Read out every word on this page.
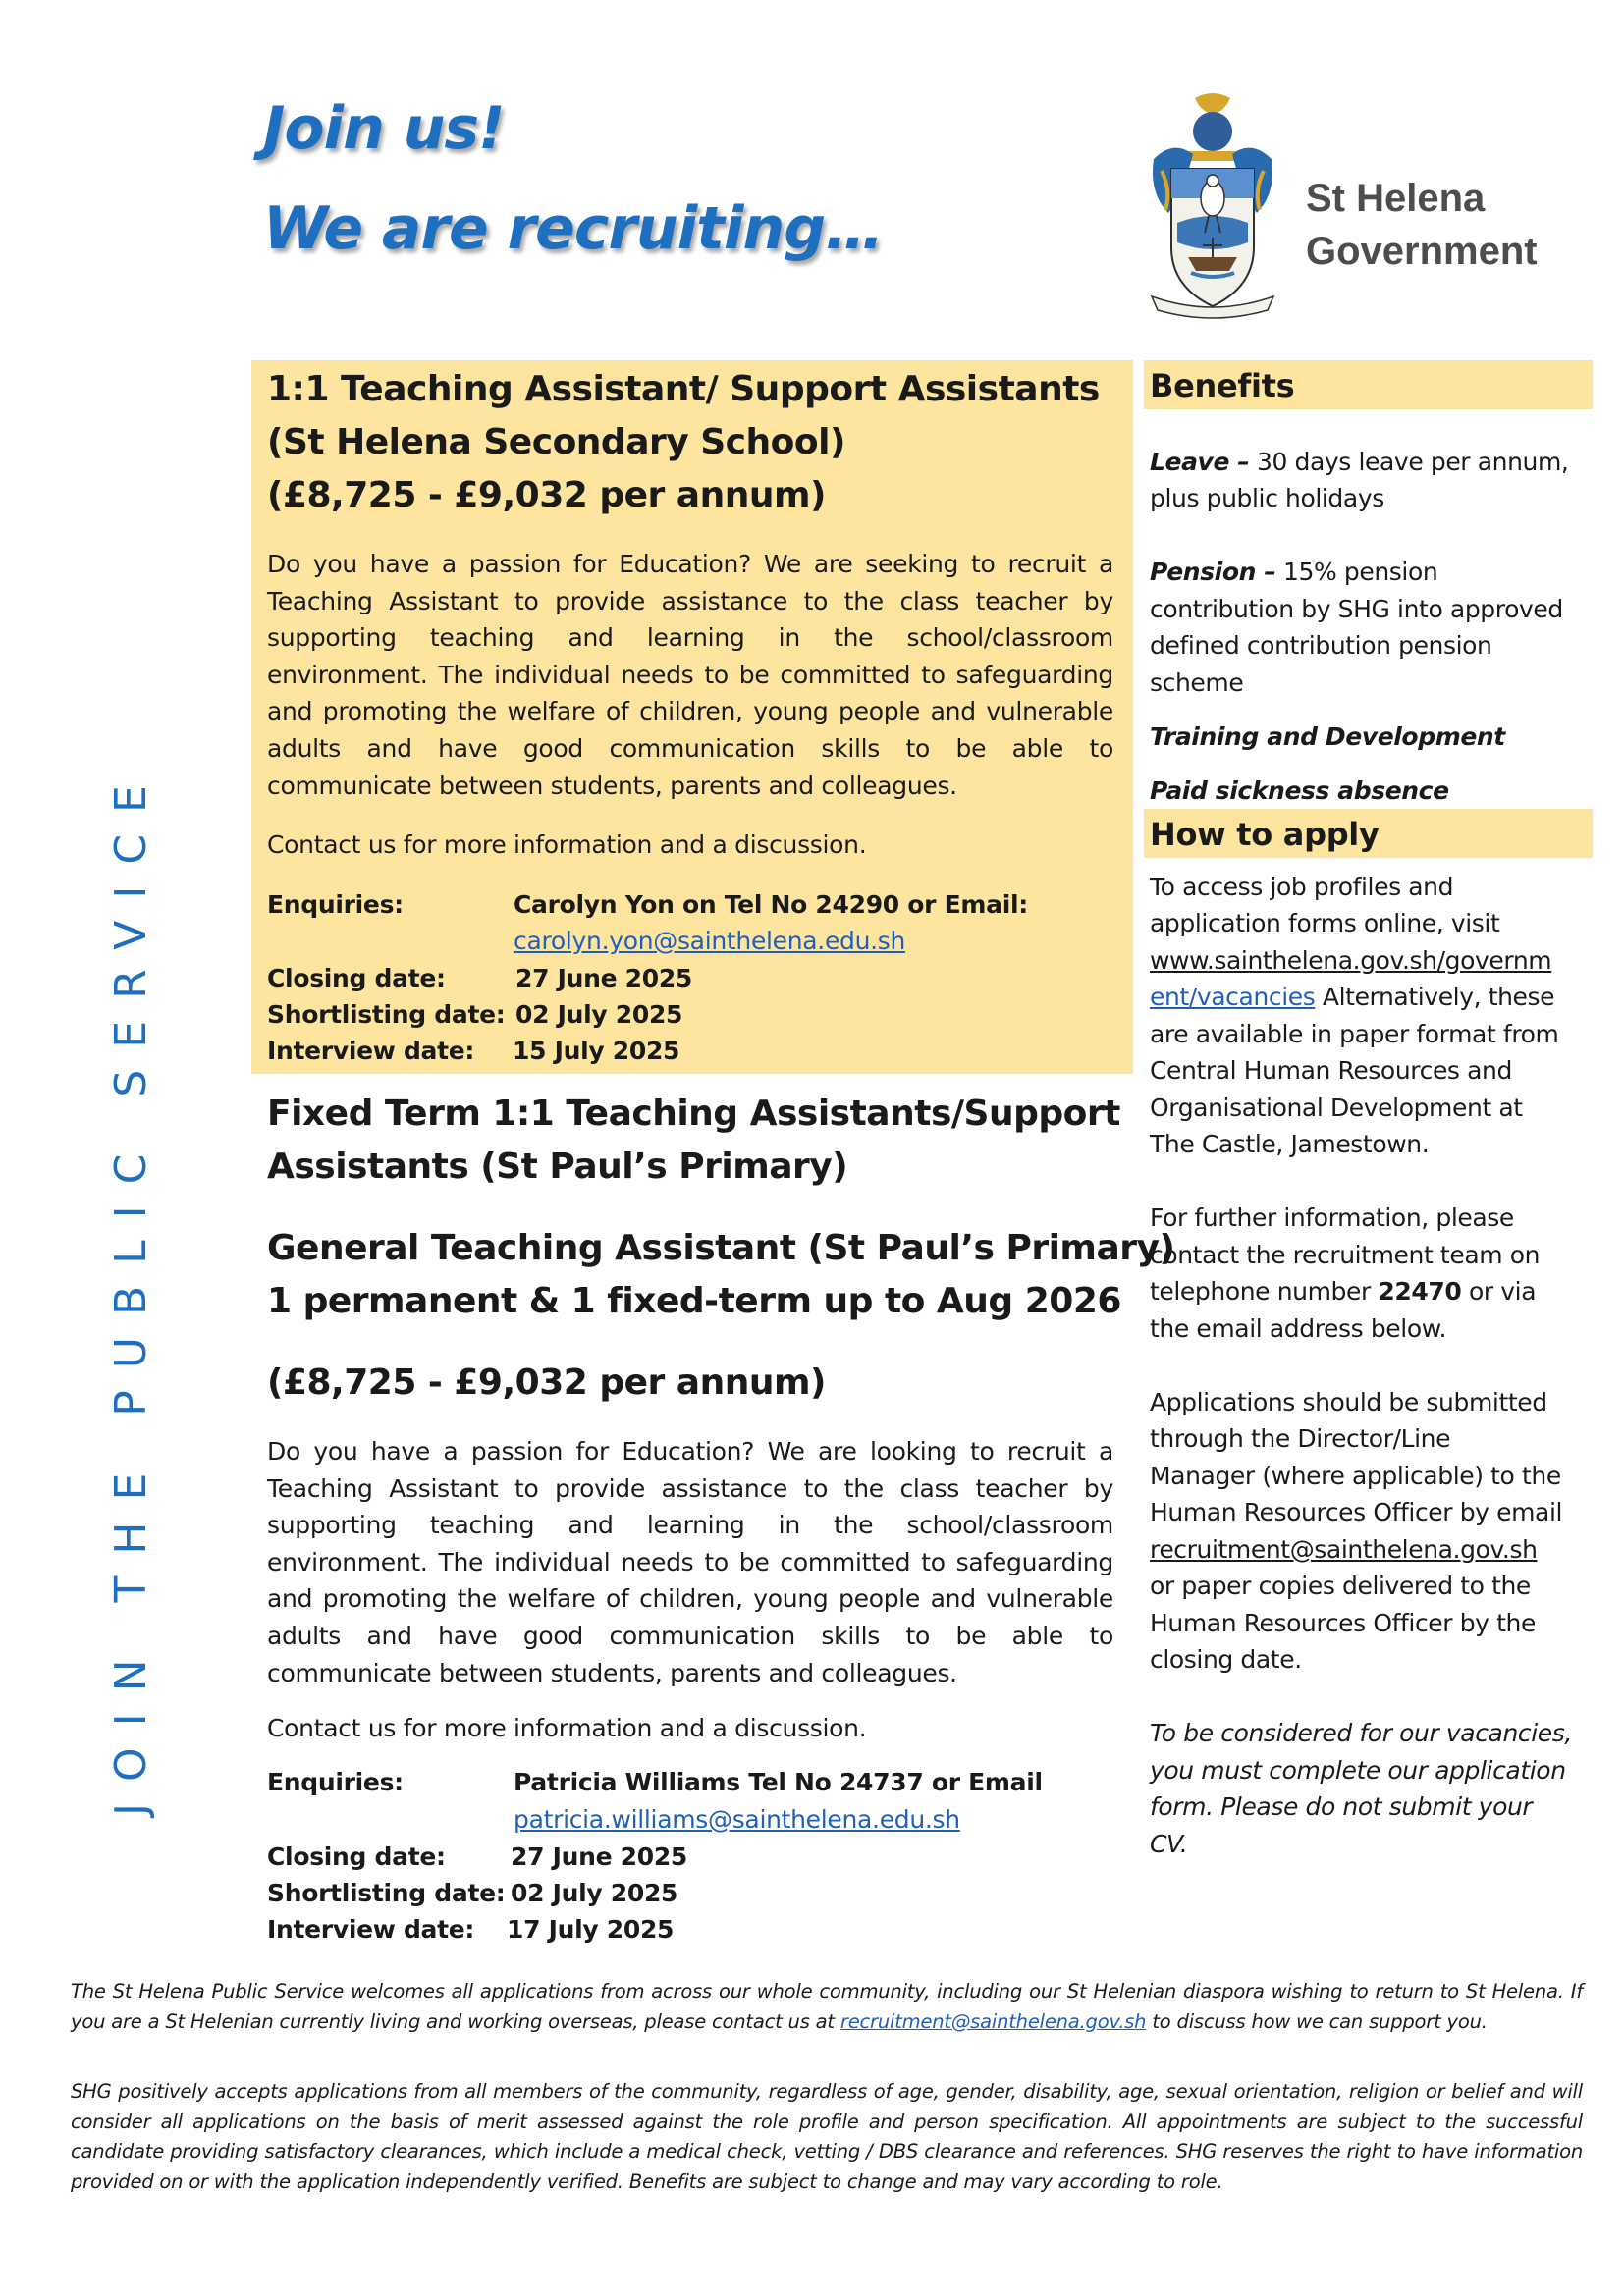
Join us!
We are recruiting…	St Helena
Government
JOIN THE PUBLIC SERVICE
1:1 Teaching Assistant/ Support Assistants
(St Helena Secondary School)
(£8,725 - £9,032 per annum)
Do you have a passion for Education? We are seeking to recruit a Teaching Assistant to provide assistance to the class teacher by supporting teaching and learning in the school/classroom environment. The individual needs to be committed to safeguarding and promoting the welfare of children, young people and vulnerable adults and have good communication skills to be able to communicate between students, parents and colleagues.
Contact us for more information and a discussion.
Enquiries:	Carolyn Yon on Tel No 24290 or Email:
carolyn.yon@sainthelena.edu.sh
Closing date:	27 June 2025
Shortlisting date: 02 July 2025
Interview date: 15 July 2025
Fixed Term 1:1 Teaching Assistants/Support
Assistants (St Paul’s Primary)
General Teaching Assistant (St Paul’s Primary)
1 permanent & 1 fixed-term up to Aug 2026
(£8,725 - £9,032 per annum)
Do you have a passion for Education? We are looking to recruit a Teaching Assistant to provide assistance to the class teacher by supporting teaching and learning in the school/classroom environment. The individual needs to be committed to safeguarding and promoting the welfare of children, young people and vulnerable adults and have good communication skills to be able to communicate between students, parents and colleagues.
Contact us for more information and a discussion.
Enquiries:	Patricia Williams Tel No 24737 or Email
patricia.williams@sainthelena.edu.sh
Closing date:	27 June 2025
Shortlisting date: 02 July 2025
Interview date: 17 July 2025
Benefits
Leave – 30 days leave per annum,
plus public holidays
Pension – 15% pension
contribution by SHG into approved
defined contribution pension
scheme
Training and Development
Paid sickness absence
How to apply
To access job profiles and
application forms online, visit
www.sainthelena.gov.sh/governm
ent/vacancies Alternatively, these
are available in paper format from
Central Human Resources and
Organisational Development at
The Castle, Jamestown.
For further information, please
contact the recruitment team on
telephone number 22470 or via
the email address below.
Applications should be submitted
through the Director/Line
Manager (where applicable) to the
Human Resources Officer by email
recruitment@sainthelena.gov.sh
or paper copies delivered to the
Human Resources Officer by the
closing date.
To be considered for our vacancies,
you must complete our application
form. Please do not submit your
CV.
The St Helena Public Service welcomes all applications from across our whole community, including our St Helenian diaspora wishing to return to St Helena. If you are a St Helenian currently living and working overseas, please contact us at recruitment@sainthelena.gov.sh to discuss how we can support you.
SHG positively accepts applications from all members of the community, regardless of age, gender, disability, age, sexual orientation, religion or belief and will consider all applications on the basis of merit assessed against the role profile and person specification. All appointments are subject to the successful candidate providing satisfactory clearances, which include a medical check, vetting / DBS clearance and references. SHG reserves the right to have information provided on or with the application independently verified. Benefits are subject to change and may vary according to role.
